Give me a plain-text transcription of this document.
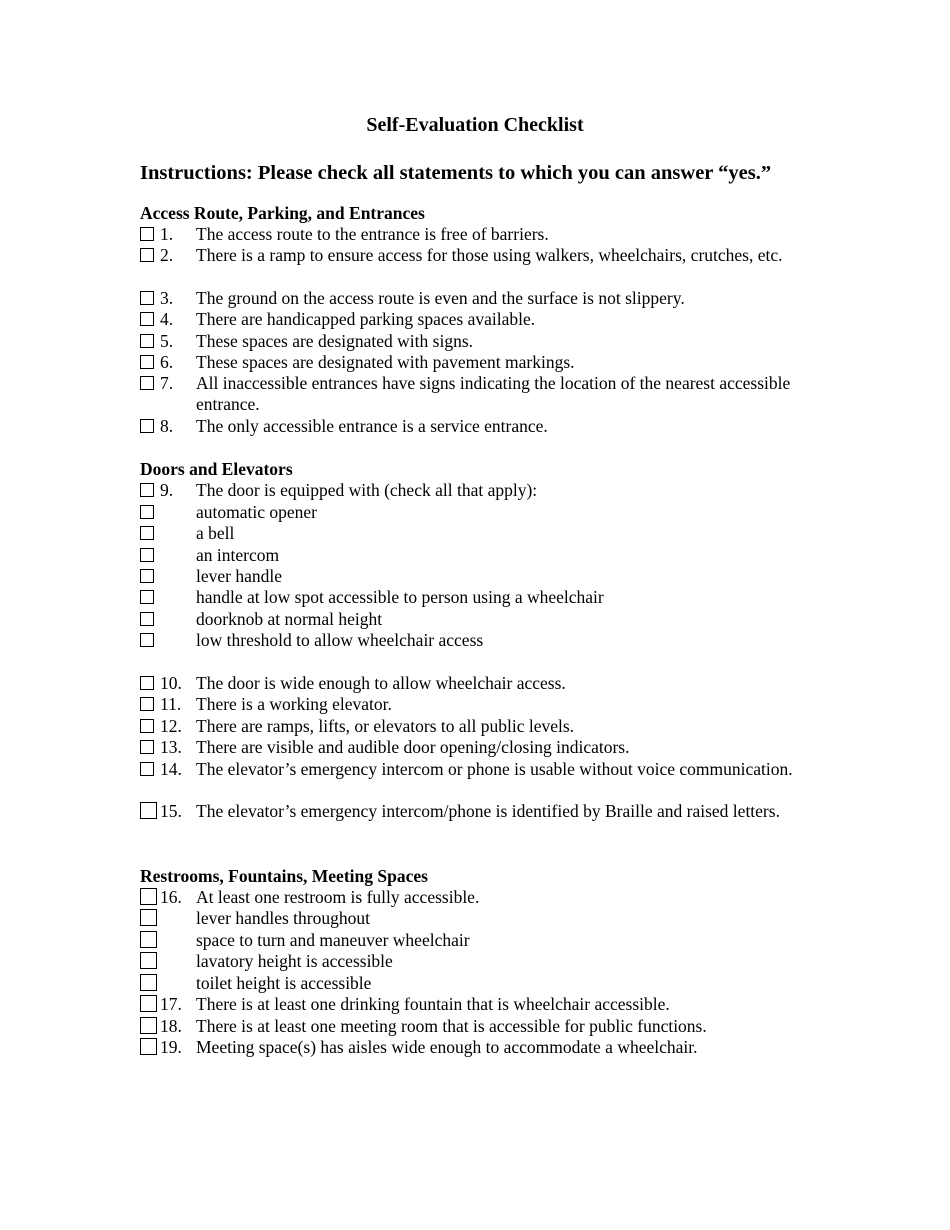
Self-Evaluation Checklist
Instructions: Please check all statements to which you can answer “yes.”
Access Route, Parking, and Entrances
1. The access route to the entrance is free of barriers.
2. There is a ramp to ensure access for those using walkers, wheelchairs, crutches, etc.
3. The ground on the access route is even and the surface is not slippery.
4. There are handicapped parking spaces available.
5. These spaces are designated with signs.
6. These spaces are designated with pavement markings.
7. All inaccessible entrances have signs indicating the location of the nearest accessible entrance.
8. The only accessible entrance is a service entrance.
Doors and Elevators
9. The door is equipped with (check all that apply):
automatic opener
a bell
an intercom
lever handle
handle at low spot accessible to person using a wheelchair
doorknob at normal height
low threshold to allow wheelchair access
10. The door is wide enough to allow wheelchair access.
11. There is a working elevator.
12. There are ramps, lifts, or elevators to all public levels.
13. There are visible and audible door opening/closing indicators.
14. The elevator’s emergency intercom or phone is usable without voice communication.
15. The elevator’s emergency intercom/phone is identified by Braille and raised letters.
Restrooms, Fountains, Meeting Spaces
16. At least one restroom is fully accessible.
lever handles throughout
space to turn and maneuver wheelchair
lavatory height is accessible
toilet height is accessible
17. There is at least one drinking fountain that is wheelchair accessible.
18. There is at least one meeting room that is accessible for public functions.
19. Meeting space(s) has aisles wide enough to accommodate a wheelchair.
